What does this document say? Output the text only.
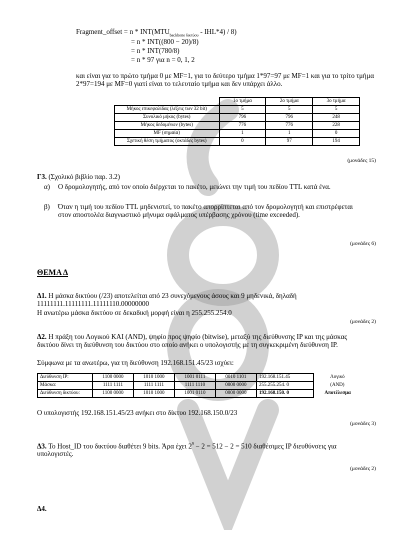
Fragment_offset = n * $INT(MTU_{backbone \delta\iota\kappa\tau ύo\upsilon} - IHL*4) / 8$)
= n * INT((800 − 20)/8)
= n * INT(780/8)
= n * 97 για n = 0, 1, 2
και είναι για το πρώτο τμήμα 0 με MF=1, για το δεύτερο τμήμα 1*97=97 με MF=1 και για το τρίτο τμήμα 2*97=194 με MF=0 γιατί είναι το τελευταίο τμήμα και δεν υπάρχει άλλο.
	1ο τμήμα	2ο τμήμα	3ο τμήμα
Μήκος επικεφαλίδας (λέξεις των 32 bit)	5	5	5
Συνολικό μήκος (bytes)	796	796	248
Μήκος δεδομένων (bytes)	776	776	228
MF (σημαία)	1	1	0
Σχετική θέση τμήματος (οκτάδες bytes)	0	97	194
(μονάδες 15)
Γ3. (Σχολικό βιβλίο παρ. 3.2)
α) Ο δρομολογητής, από τον οποίο διέρχεται το πακέτο, μειώνει την τιμή του πεδίου TTL κατά ένα.
β) Όταν η τιμή του πεδίου TTL μηδενιστεί, το πακέτο απορρίπτεται από τον δρομολογητή και επιστρέφεται στον αποστολέα διαγνωστικό μήνυμα σφάλματος υπέρβασης χρόνου (time exceeded).
(μονάδες 6)
ΘΕΜΑ Δ
Δ1. Η μάσκα δικτύου (/23) αποτελείται από 23 συνεχόμενους άσους και 9 μηδενικά, δηλαδή 11111111.11111111.11111110.00000000
Η ανωτέρω μάσκα δικτύου σε δεκαδική μορφή είναι η 255.255.254.0
(μονάδες 2)
Δ2. Η πράξη του Λογικού ΚΑΙ (AND), ψηφίο προς ψηφίο (bitwise), μεταξύ της διεύθυνσης IP και της μάσκας δικτύου δίνει τη διεύθυνση του δικτύου στο οποίο ανήκει ο υπολογιστής με τη συγκεκριμένη διεύθυνση IP.
Σύμφωνα με τα ανωτέρω, για τη διεύθυνση 192.168.151.45/23 ισχύει:
Διεύθυνση IP:	1100 0000	1010 1000	1001 0111	0010 1101	192.168.151.45	Λογικό
Μάσκα:	1111 1111	1111 1111	1111 1110	0000 0000	255.255.254. 0	(AND)
Διεύθυνση δικτύου:	1100 0000	1010 1000	1001 0110	0000 0000	192.168.150. 0	Αποτέλεσμα
Ο υπολογιστής 192.168.151.45/23 ανήκει στο δίκτυο 192.168.150.0/23
(μονάδες 3)
Δ3. Το Host_ID του δικτύου διαθέτει 9 bits. Άρα έχει $2^9 - 2 = 512 - 2 = 510$ διαθέσιμες IP διευθύνσεις για υπολογιστές.
(μονάδες 2)
Δ4.
